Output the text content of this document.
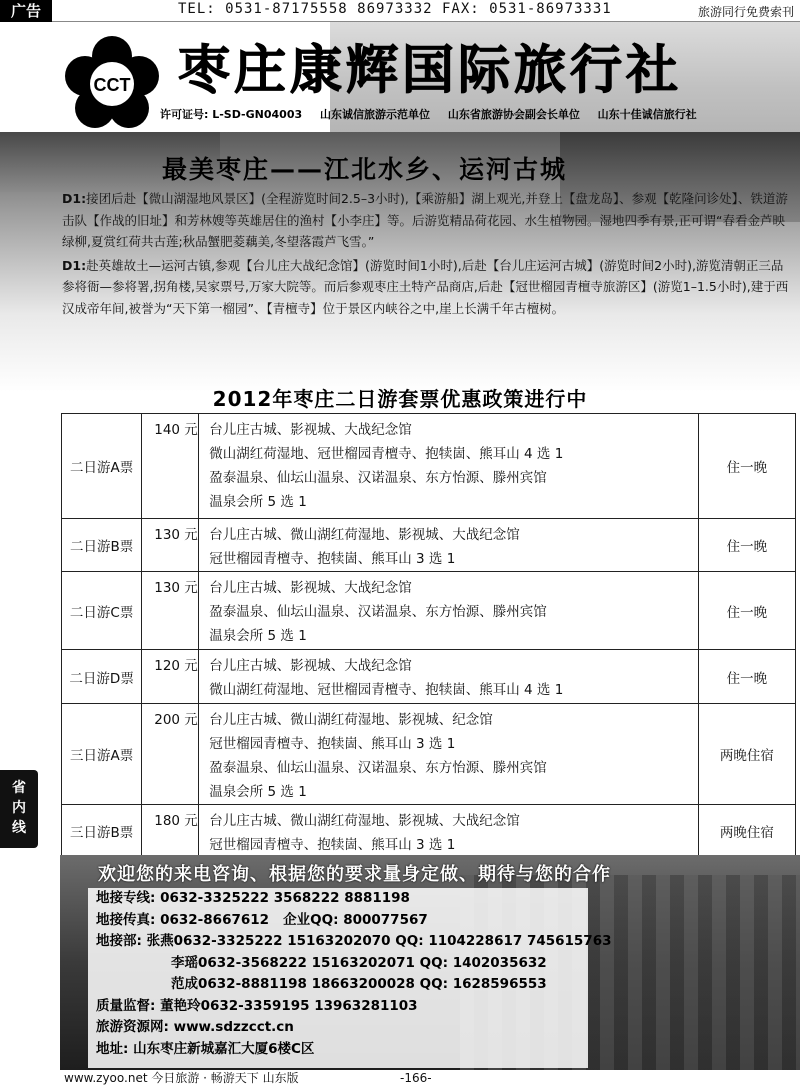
广告	TEL: 0531-87175558 86973332 FAX: 0531-86973331	旅游同行免费索刊
CCT 枣庄康辉国际旅行社
许可证号: L-SD-GN04003 山东诚信旅游示范单位 山东省旅游协会副会长单位 山东十佳诚信旅行社
最美枣庄——江北水乡、运河古城
D1:接团后赴【微山湖湿地风景区】(全程游览时间2.5–3小时),【乘游船】湖上观光,并登上【盘龙岛】、参观【乾隆问诊处】、铁道游击队【作战的旧址】和芳林嫂等英雄居住的渔村【小李庄】等。后游览精品荷花园、水生植物园。湿地四季有景,正可谓“春看金芦映绿柳,夏赏红荷共古莲;秋品蟹肥菱藕美,冬望落霞芦飞雪。”
D1:赴英雄故土—运河古镇,参观【台儿庄大战纪念馆】(游览时间1小时),后赴【台儿庄运河古城】(游览时间2小时),游览清朝正三品参将衙—参将署,拐角楼,吴家票号,万家大院等。而后参观枣庄土特产品商店,后赴【冠世榴园青檀寺旅游区】(游览1–1.5小时),建于西汉成帝年间,被誉为“天下第一榴园”、【青檀寺】位于景区内峡谷之中,崖上长满千年古檀树。
2012年枣庄二日游套票优惠政策进行中
二日游A票	140 元	台儿庄古城、影视城、大战纪念馆
微山湖红荷湿地、冠世榴园青檀寺、抱犊崮、熊耳山 4 选 1
盈泰温泉、仙坛山温泉、汉诺温泉、东方怡源、滕州宾馆
温泉会所 5 选 1	住一晚
二日游B票	130 元	台儿庄古城、微山湖红荷湿地、影视城、大战纪念馆
冠世榴园青檀寺、抱犊崮、熊耳山 3 选 1	住一晚
二日游C票	130 元	台儿庄古城、影视城、大战纪念馆
盈泰温泉、仙坛山温泉、汉诺温泉、东方怡源、滕州宾馆
温泉会所 5 选 1	住一晚
二日游D票	120 元	台儿庄古城、影视城、大战纪念馆
微山湖红荷湿地、冠世榴园青檀寺、抱犊崮、熊耳山 4 选 1	住一晚
三日游A票	200 元	台儿庄古城、微山湖红荷湿地、影视城、纪念馆
冠世榴园青檀寺、抱犊崮、熊耳山 3 选 1
盈泰温泉、仙坛山温泉、汉诺温泉、东方怡源、滕州宾馆
温泉会所 5 选 1	两晚住宿
三日游B票	180 元	台儿庄古城、微山湖红荷湿地、影视城、大战纪念馆
冠世榴园青檀寺、抱犊崮、熊耳山 3 选 1	两晚住宿
省
内
线
欢迎您的来电咨询、根据您的要求量身定做、期待与您的合作
地接专线: 0632-3325222 3568222 8881198
地接传真: 0632-8667612 企业QQ: 800077567
地接部: 张燕0632-3325222 15163202070 QQ: 1104228617 745615763
李瑶0632-3568222 15163202071 QQ: 1402035632
范成0632-8881198 18663200028 QQ: 1628596553
质量监督: 董艳玲0632-3359195 13963281103
旅游资源网: www.sdzzcct.cn
地址: 山东枣庄新城嘉汇大厦6楼C区
www.zyoo.net 今日旅游 · 畅游天下 山东版	-166-
